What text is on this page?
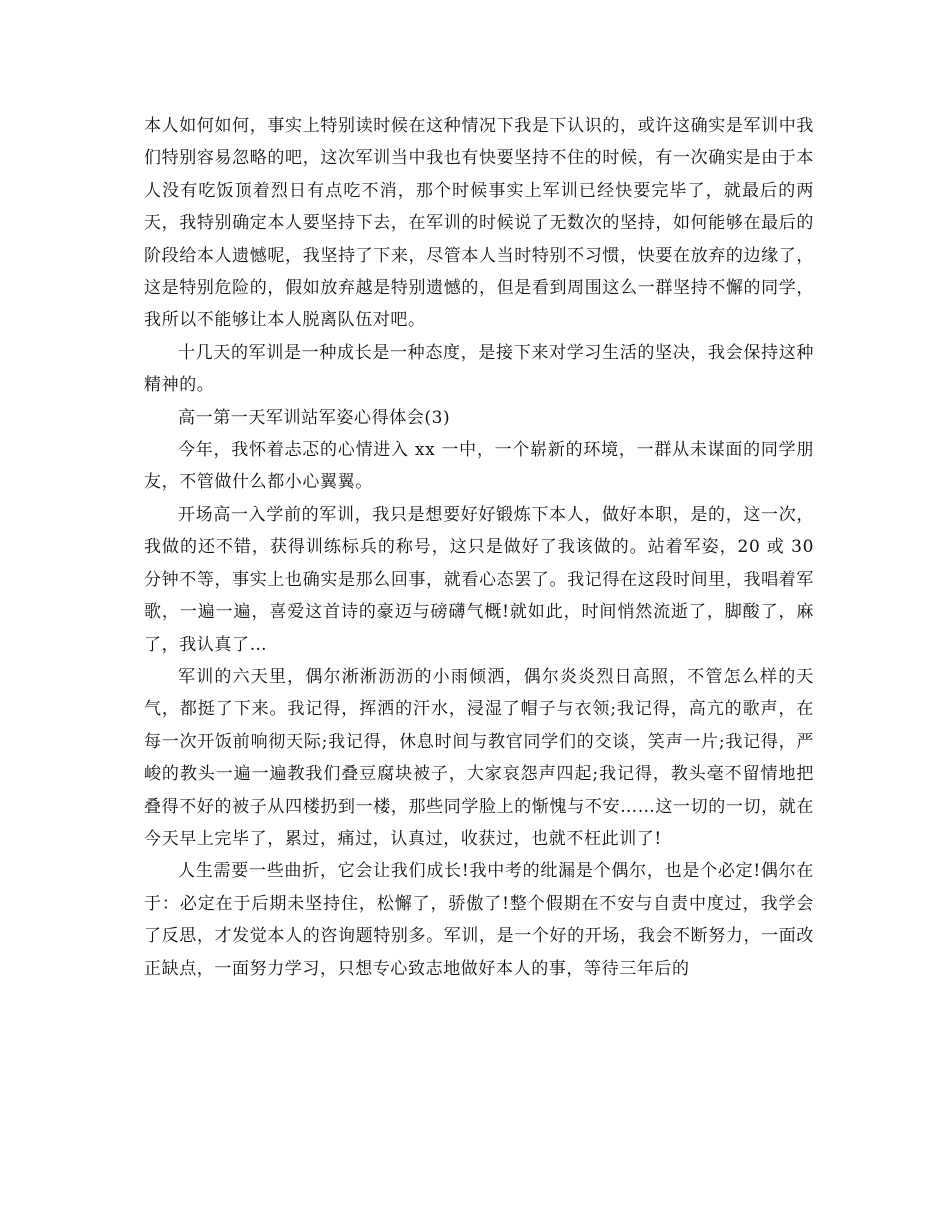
本人如何如何，事实上特别读时候在这种情况下我是下认识的，或许这确实是军训中我们特别容易忽略的吧，这次军训当中我也有快要坚持不住的时候，有一次确实是由于本人没有吃饭顶着烈日有点吃不消，那个时候事实上军训已经快要完毕了，就最后的两天，我特别确定本人要坚持下去，在军训的时候说了无数次的坚持，如何能够在最后的阶段给本人遗憾呢，我坚持了下来，尽管本人当时特别不习惯，快要在放弃的边缘了，这是特别危险的，假如放弃越是特别遗憾的，但是看到周围这么一群坚持不懈的同学，我所以不能够让本人脱离队伍对吧。

十几天的军训是一种成长是一种态度，是接下来对学习生活的坚决，我会保持这种精神的。

高一第一天军训站军姿心得体会(3)

今年，我怀着忐忑的心情进入 xx 一中，一个崭新的环境，一群从未谋面的同学朋友，不管做什么都小心翼翼。

开场高一入学前的军训，我只是想要好好锻炼下本人，做好本职，是的，这一次，我做的还不错，获得训练标兵的称号，这只是做好了我该做的。站着军姿，20 或 30 分钟不等，事实上也确实是那么回事，就看心态罢了。我记得在这段时间里，我唱着军歌，一遍一遍，喜爱这首诗的豪迈与磅礴气概!就如此，时间悄然流逝了，脚酸了，麻了，我认真了…

军训的六天里，偶尔淅淅沥沥的小雨倾洒，偶尔炎炎烈日高照，不管怎么样的天气，都挺了下来。我记得，挥洒的汗水，浸湿了帽子与衣领;我记得，高亢的歌声，在每一次开饭前响彻天际;我记得，休息时间与教官同学们的交谈，笑声一片;我记得，严峻的教头一遍一遍教我们叠豆腐块被子，大家哀怨声四起;我记得，教头毫不留情地把叠得不好的被子从四楼扔到一楼，那些同学脸上的惭愧与不安……这一切的一切，就在今天早上完毕了，累过，痛过，认真过，收获过，也就不枉此训了!

人生需要一些曲折，它会让我们成长!我中考的纰漏是个偶尔，也是个必定!偶尔在于：必定在于后期未坚持住，松懈了，骄傲了!整个假期在不安与自责中度过，我学会了反思，才发觉本人的咨询题特别多。军训，是一个好的开场，我会不断努力，一面改正缺点，一面努力学习，只想专心致志地做好本人的事，等待三年后的
